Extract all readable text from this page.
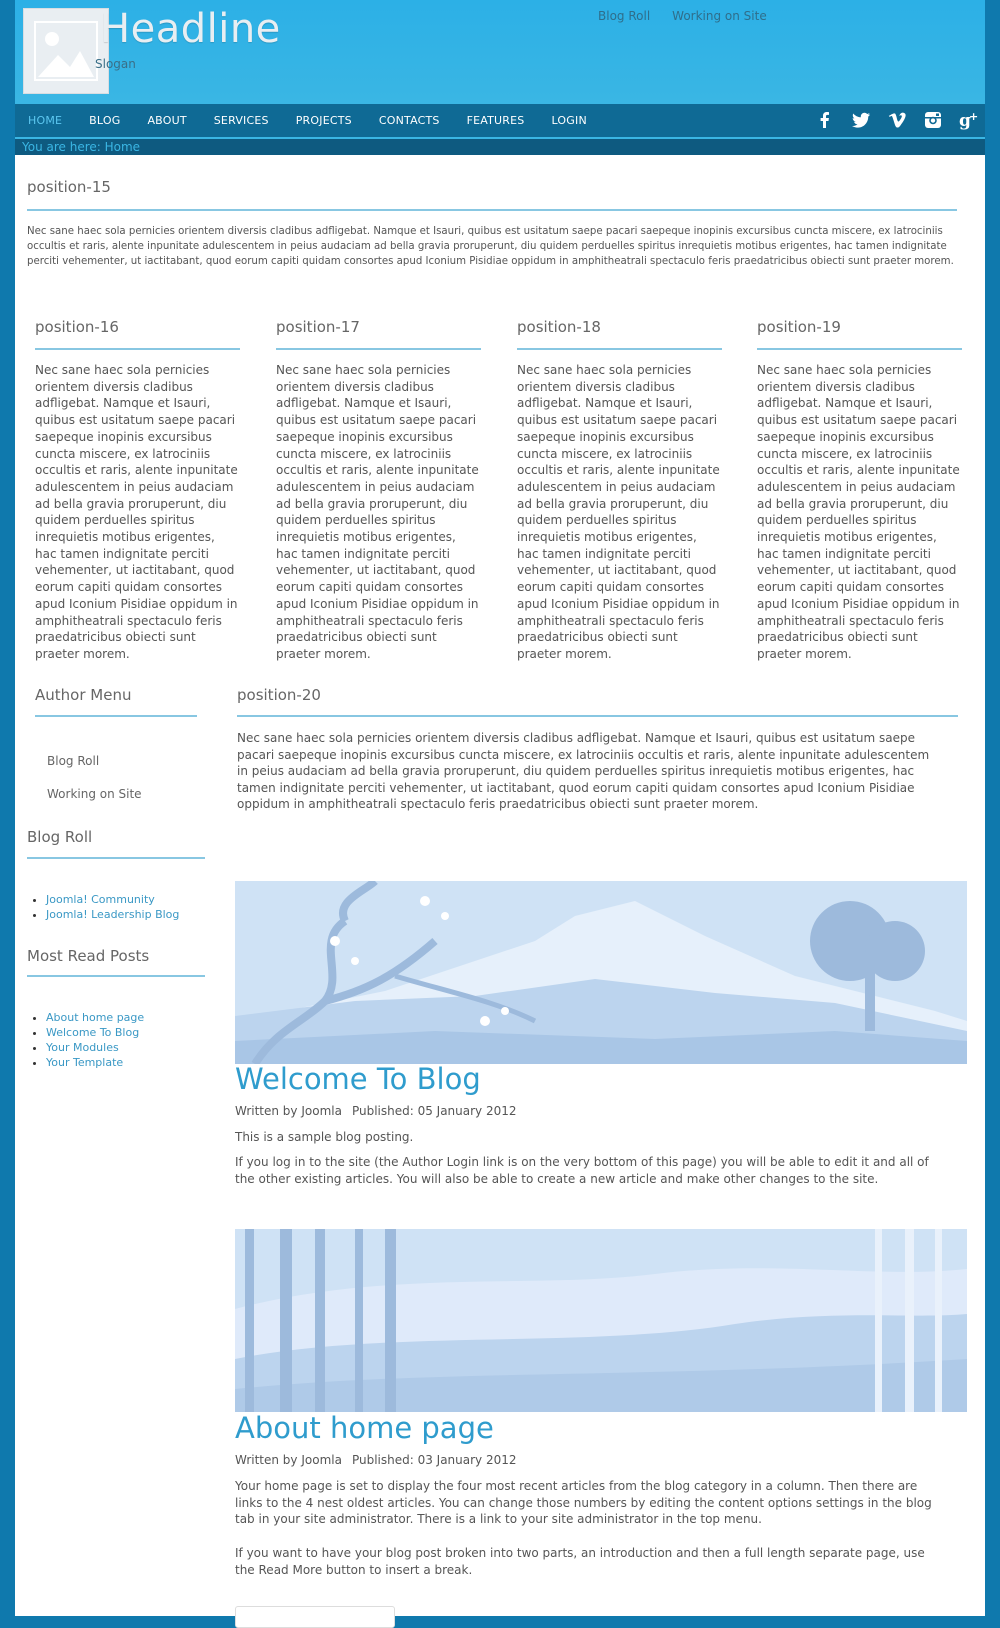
Headline
Slogan
Blog Roll Working on Site
HOME BLOG ABOUT SERVICES PROJECTS CONTACTS FEATURES LOGIN	g
+
You are here: Home
position-15
Nec sane haec sola pernicies orientem diversis cladibus adfligebat. Namque et Isauri, quibus est usitatum saepe pacari saepeque inopinis excursibus cuncta miscere, ex latrociniis occultis et raris, alente inpunitate adulescentem in peius audaciam ad bella gravia proruperunt, diu quidem perduelles spiritus inrequietis motibus erigentes, hac tamen indignitate perciti vehementer, ut iactitabant, quod eorum capiti quidam consortes apud Iconium Pisidiae oppidum in amphitheatrali spectaculo feris praedatricibus obiecti sunt praeter morem.
position-16

Nec sane haec sola pernicies orientem diversis cladibus adfligebat. Namque et Isauri, quibus est usitatum saepe pacari saepeque inopinis excursibus cuncta miscere, ex latrociniis occultis et raris, alente inpunitate adulescentem in peius audaciam ad bella gravia proruperunt, diu quidem perduelles spiritus inrequietis motibus erigentes, hac tamen indignitate perciti vehementer, ut iactitabant, quod eorum capiti quidam consortes apud Iconium Pisidiae oppidum in amphitheatrali spectaculo feris praedatricibus obiecti sunt praeter morem.

position-17

Nec sane haec sola pernicies orientem diversis cladibus adfligebat. Namque et Isauri, quibus est usitatum saepe pacari saepeque inopinis excursibus cuncta miscere, ex latrociniis occultis et raris, alente inpunitate adulescentem in peius audaciam ad bella gravia proruperunt, diu quidem perduelles spiritus inrequietis motibus erigentes, hac tamen indignitate perciti vehementer, ut iactitabant, quod eorum capiti quidam consortes apud Iconium Pisidiae oppidum in amphitheatrali spectaculo feris praedatricibus obiecti sunt praeter morem.

position-18

Nec sane haec sola pernicies orientem diversis cladibus adfligebat. Namque et Isauri, quibus est usitatum saepe pacari saepeque inopinis excursibus cuncta miscere, ex latrociniis occultis et raris, alente inpunitate adulescentem in peius audaciam ad bella gravia proruperunt, diu quidem perduelles spiritus inrequietis motibus erigentes, hac tamen indignitate perciti vehementer, ut iactitabant, quod eorum capiti quidam consortes apud Iconium Pisidiae oppidum in amphitheatrali spectaculo feris praedatricibus obiecti sunt praeter morem.

position-19

Nec sane haec sola pernicies orientem diversis cladibus adfligebat. Namque et Isauri, quibus est usitatum saepe pacari saepeque inopinis excursibus cuncta miscere, ex latrociniis occultis et raris, alente inpunitate adulescentem in peius audaciam ad bella gravia proruperunt, diu quidem perduelles spiritus inrequietis motibus erigentes, hac tamen indignitate perciti vehementer, ut iactitabant, quod eorum capiti quidam consortes apud Iconium Pisidiae oppidum in amphitheatrali spectaculo feris praedatricibus obiecti sunt praeter morem.

Author Menu
Blog Roll
Working on Site
Blog Roll
• Joomla! Community
• Joomla! Leadership Blog
Most Read Posts
• About home page
• Welcome To Blog
• Your Modules
• Your Template
position-20
Nec sane haec sola pernicies orientem diversis cladibus adfligebat. Namque et Isauri, quibus est usitatum saepe pacari saepeque inopinis excursibus cuncta miscere, ex latrociniis occultis et raris, alente inpunitate adulescentem in peius audaciam ad bella gravia proruperunt, diu quidem perduelles spiritus inrequietis motibus erigentes, hac tamen indignitate perciti vehementer, ut iactitabant, quod eorum capiti quidam consortes apud Iconium Pisidiae oppidum in amphitheatrali spectaculo feris praedatricibus obiecti sunt praeter morem.
Welcome To Blog
Written by Joomla Published: 05 January 2012

This is a sample blog posting.

If you log in to the site (the Author Login link is on the very bottom of this page) you will be able to edit it and all of the other existing articles. You will also be able to create a new article and make other changes to the site.

About home page
Written by Joomla Published: 03 January 2012

Your home page is set to display the four most recent articles from the blog category in a column. Then there are links to the 4 nest oldest articles. You can change those numbers by editing the content options settings in the blog tab in your site administrator. There is a link to your site administrator in the top menu.

If you want to have your blog post broken into two parts, an introduction and then a full length separate page, use the Read More button to insert a break.
